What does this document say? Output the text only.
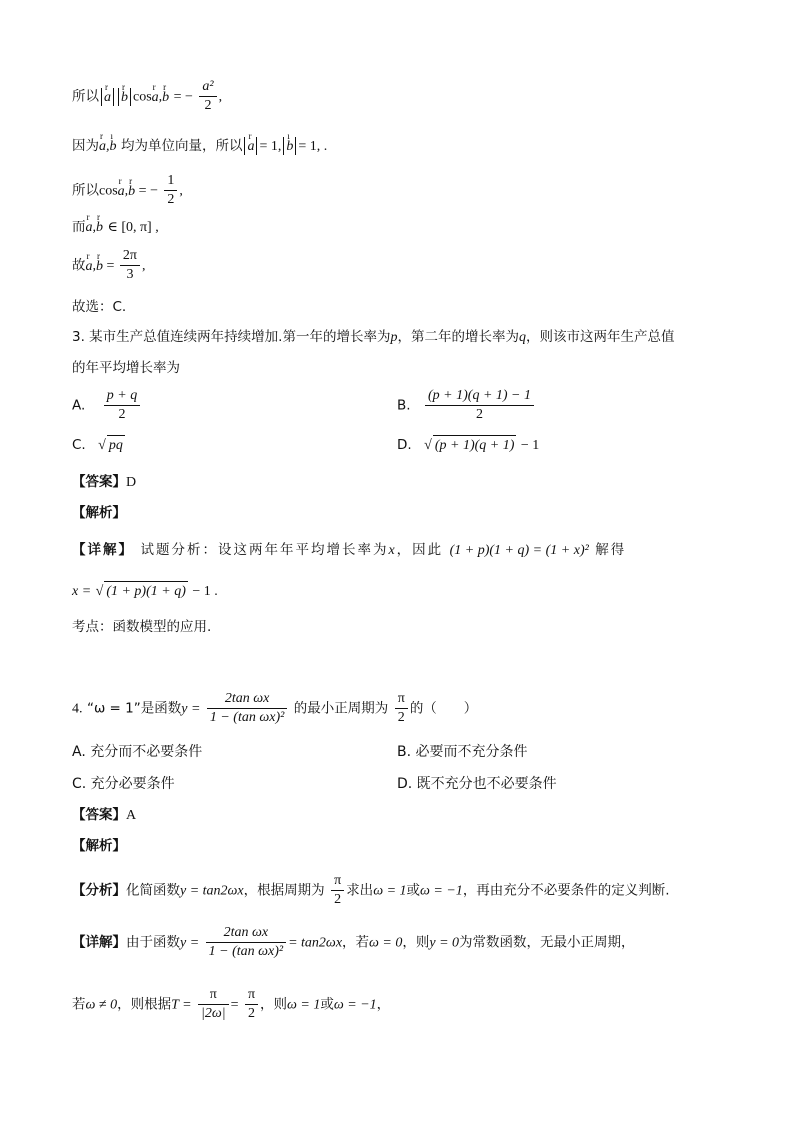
所以 r a r b cosr a,r b = − $\frac{\text{a²}}{2}$ ,
因为r a,ı b 均为单位向量，所以 r a = 1, ı b = 1, .
所以cosr a,r b = − $\frac{1}{2}$ ,
而r a,r b ∈ [0, π] ,
故r a,r $b = \frac{2\pi}{3}$ ,
故选：C.
3. 某市生产总值连续两年持续增加.第一年的增长率为p，第二年的增长率为q，则该市这两年生产总值
的年平均增长率为
A. $\frac{p + q}{2}$	B. $\frac{(p + 1)(q + 1) - 1}{2}$
C. √ pq	D. √ (p + 1)(q + 1) − 1
【答案】D
【解析】
【详解】 试题分析：设这两年年平均增长率为x，因此 (1 + p)(1 + q) = (1 + x)² 解得
x = √ (1 + p)(1 + q) − 1 .
考点：函数模型的应用.
4. “ω = 1”是函数$y = \frac{\text{2tan ωx}}{\text{1 − (tan ωx)²}}$ 的最小正周期为 $\frac{\pi}{2}$ 的（　　）
A. 充分而不必要条件	B. 必要而不充分条件
C. 充分必要条件	D. 既不充分也不必要条件
【答案】A
【解析】
【分析】化简函数y = tan2ωx，根据周期为 $\frac{\pi}{2}$ 求出ω = 1或ω = −1，再由充分不必要条件的定义判断.
【详解】由于函数$y = \frac{\text{2tan ωx}}{\text{1 − (tan ωx)²}} = \tan 2\omega x$，若ω = 0，则y = 0为常数函数，无最小正周期，
若ω ≠ 0，则根据$T = \frac{\pi}{|2\omega|} = \frac{\pi}{2}$ ，则ω = 1或ω = −1，
